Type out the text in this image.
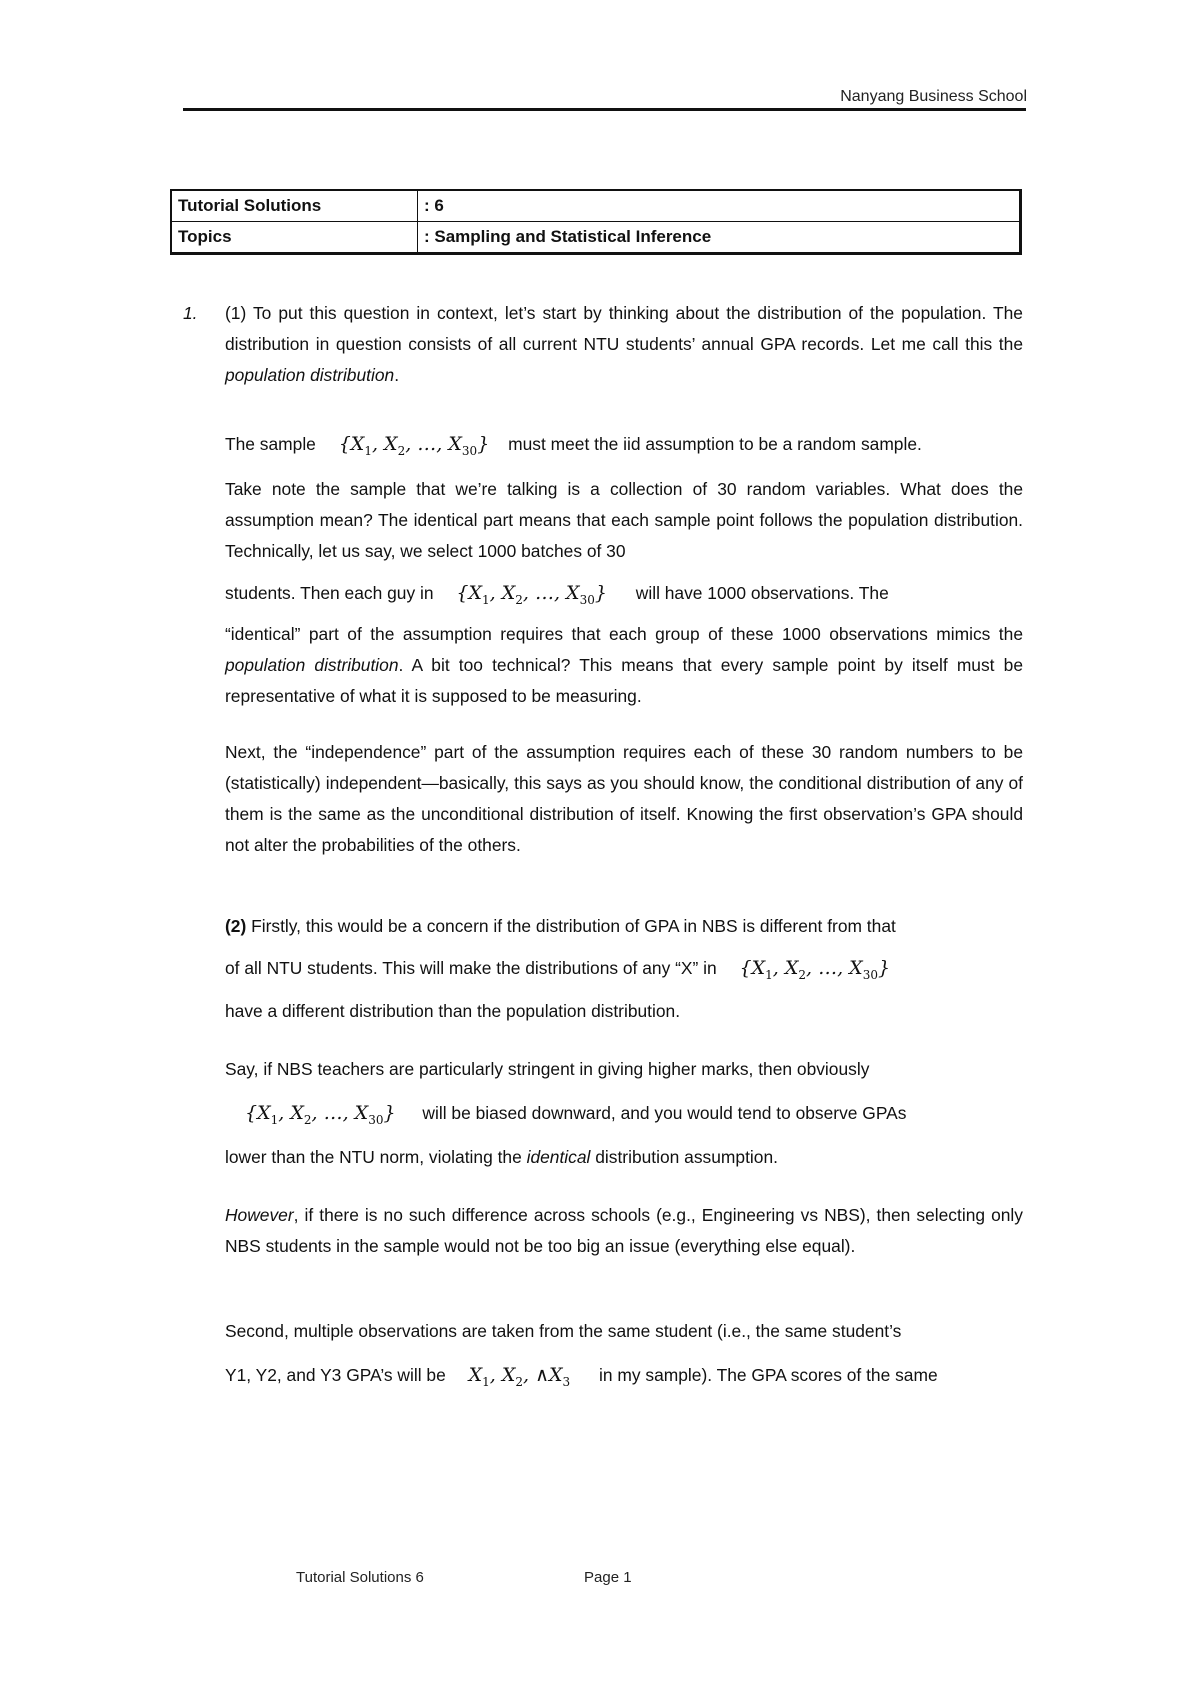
Nanyang Business School
Tutorial Solutions	: 6
Topics	: Sampling and Statistical Inference
1. (1) To put this question in context, let’s start by thinking about the distribution of the population. The distribution in question consists of all current NTU students’ annual GPA records. Let me call this the population distribution.
The sample {$X_1$, $X_2$, …, $X_{30}$} must meet the iid assumption to be a random sample.
Take note the sample that we’re talking is a collection of 30 random variables. What does the assumption mean? The identical part means that each sample point follows the population distribution. Technically, let us say, we select 1000 batches of 30
students. Then each guy in {$X_1$, $X_2$, …, $X_{30}$} will have 1000 observations. The
“identical” part of the assumption requires that each group of these 1000 observations mimics the population distribution. A bit too technical? This means that every sample point by itself must be representative of what it is supposed to be measuring.
Next, the “independence” part of the assumption requires each of these 30 random numbers to be (statistically) independent—basically, this says as you should know, the conditional distribution of any of them is the same as the unconditional distribution of itself. Knowing the first observation’s GPA should not alter the probabilities of the others.
(2) Firstly, this would be a concern if the distribution of GPA in NBS is different from that
of all NTU students. This will make the distributions of any “X” in {$X_1$, $X_2$, …, $X_{30}$}
have a different distribution than the population distribution.
Say, if NBS teachers are particularly stringent in giving higher marks, then obviously
{$X_1$, $X_2$, …, $X_{30}$} will be biased downward, and you would tend to observe GPAs
lower than the NTU norm, violating the identical distribution assumption.
However, if there is no such difference across schools (e.g., Engineering vs NBS), then selecting only NBS students in the sample would not be too big an issue (everything else equal).
Second, multiple observations are taken from the same student (i.e., the same student’s
Y1, Y2, and Y3 GPA’s will be $X_1$, $X_2$, $\wedge X_3$ in my sample). The GPA scores of the same
Tutorial Solutions 6	Page 1
